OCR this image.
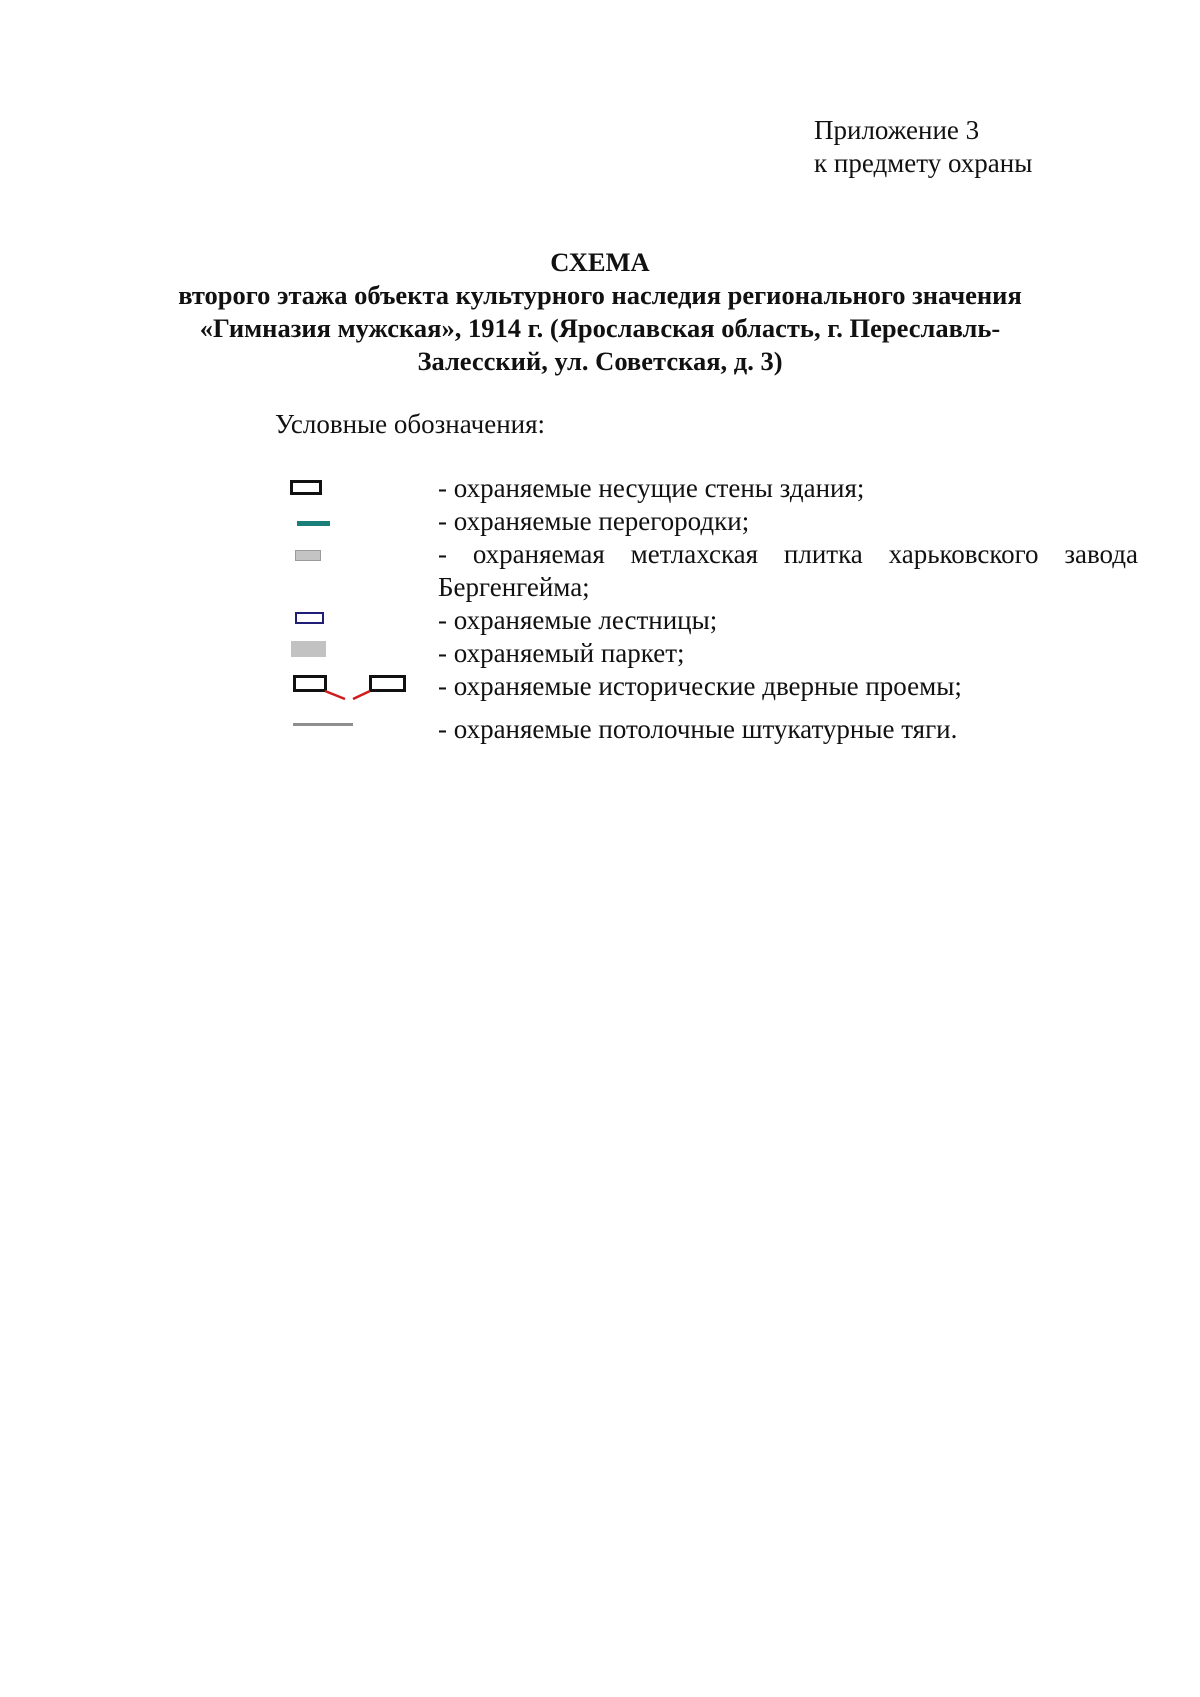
Приложение 3
к предмету охраны
СХЕМА
второго этажа объекта культурного наследия регионального значения
«Гимназия мужская», 1914 г. (Ярославская область, г. Переславль-
Залесский, ул. Советская, д. 3)
Условные обозначения:
- охраняемые несущие стены здания;
- охраняемые перегородки;
- охраняемая метлахская плитка харьковского завода
Бергенгейма;
- охраняемые лестницы;
- охраняемый паркет;
- охраняемые исторические дверные проемы;
- охраняемые потолочные штукатурные тяги.
